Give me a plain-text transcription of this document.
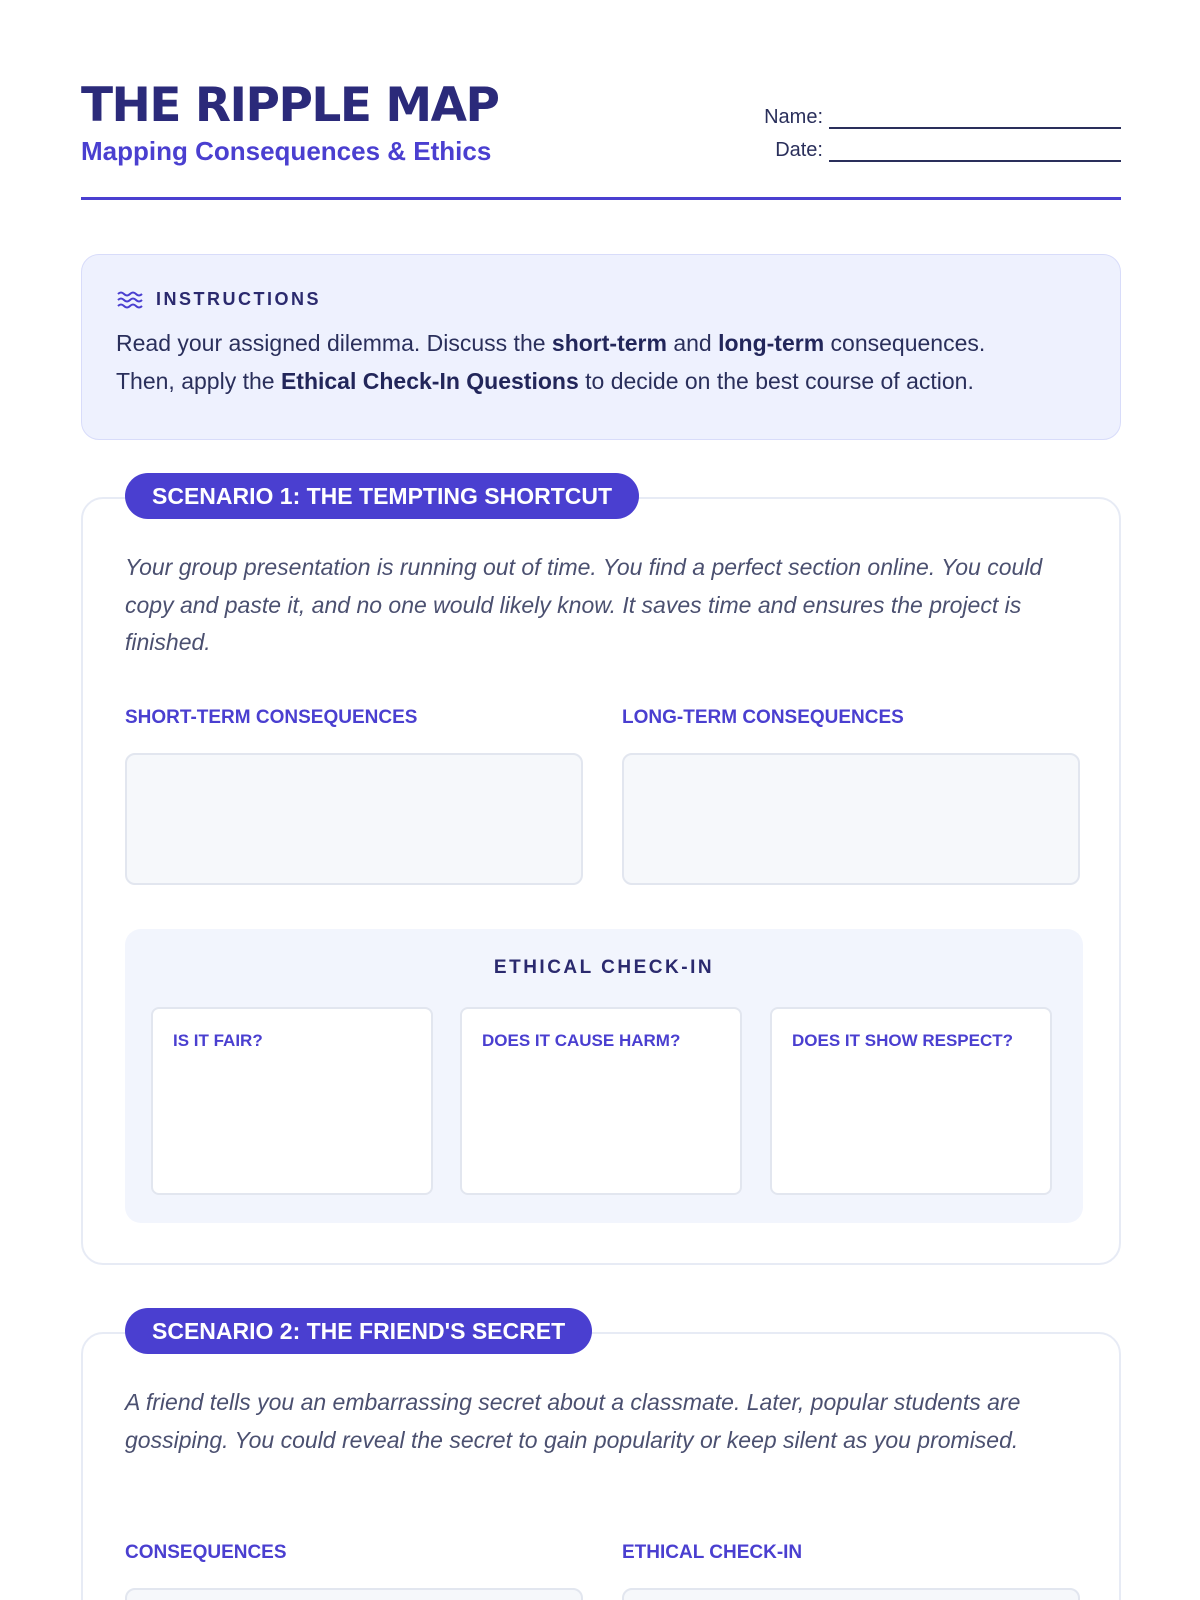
THE RIPPLE MAP
Mapping Consequences & Ethics
Name:
Date:
INSTRUCTIONS
Read your assigned dilemma. Discuss the short-term and long-term consequences.
Then, apply the Ethical Check-In Questions to decide on the best course of action.
SCENARIO 1: THE TEMPTING SHORTCUT
Your group presentation is running out of time. You find a perfect section online. You could copy and paste it, and no one would likely know. It saves time and ensures the project is finished.
SHORT-TERM CONSEQUENCES	LONG-TERM CONSEQUENCES
ETHICAL CHECK-IN
IS IT FAIR?	DOES IT CAUSE HARM?	DOES IT SHOW RESPECT?
SCENARIO 2: THE FRIEND'S SECRET
A friend tells you an embarrassing secret about a classmate. Later, popular students are gossiping. You could reveal the secret to gain popularity or keep silent as you promised.
CONSEQUENCES	ETHICAL CHECK-IN
